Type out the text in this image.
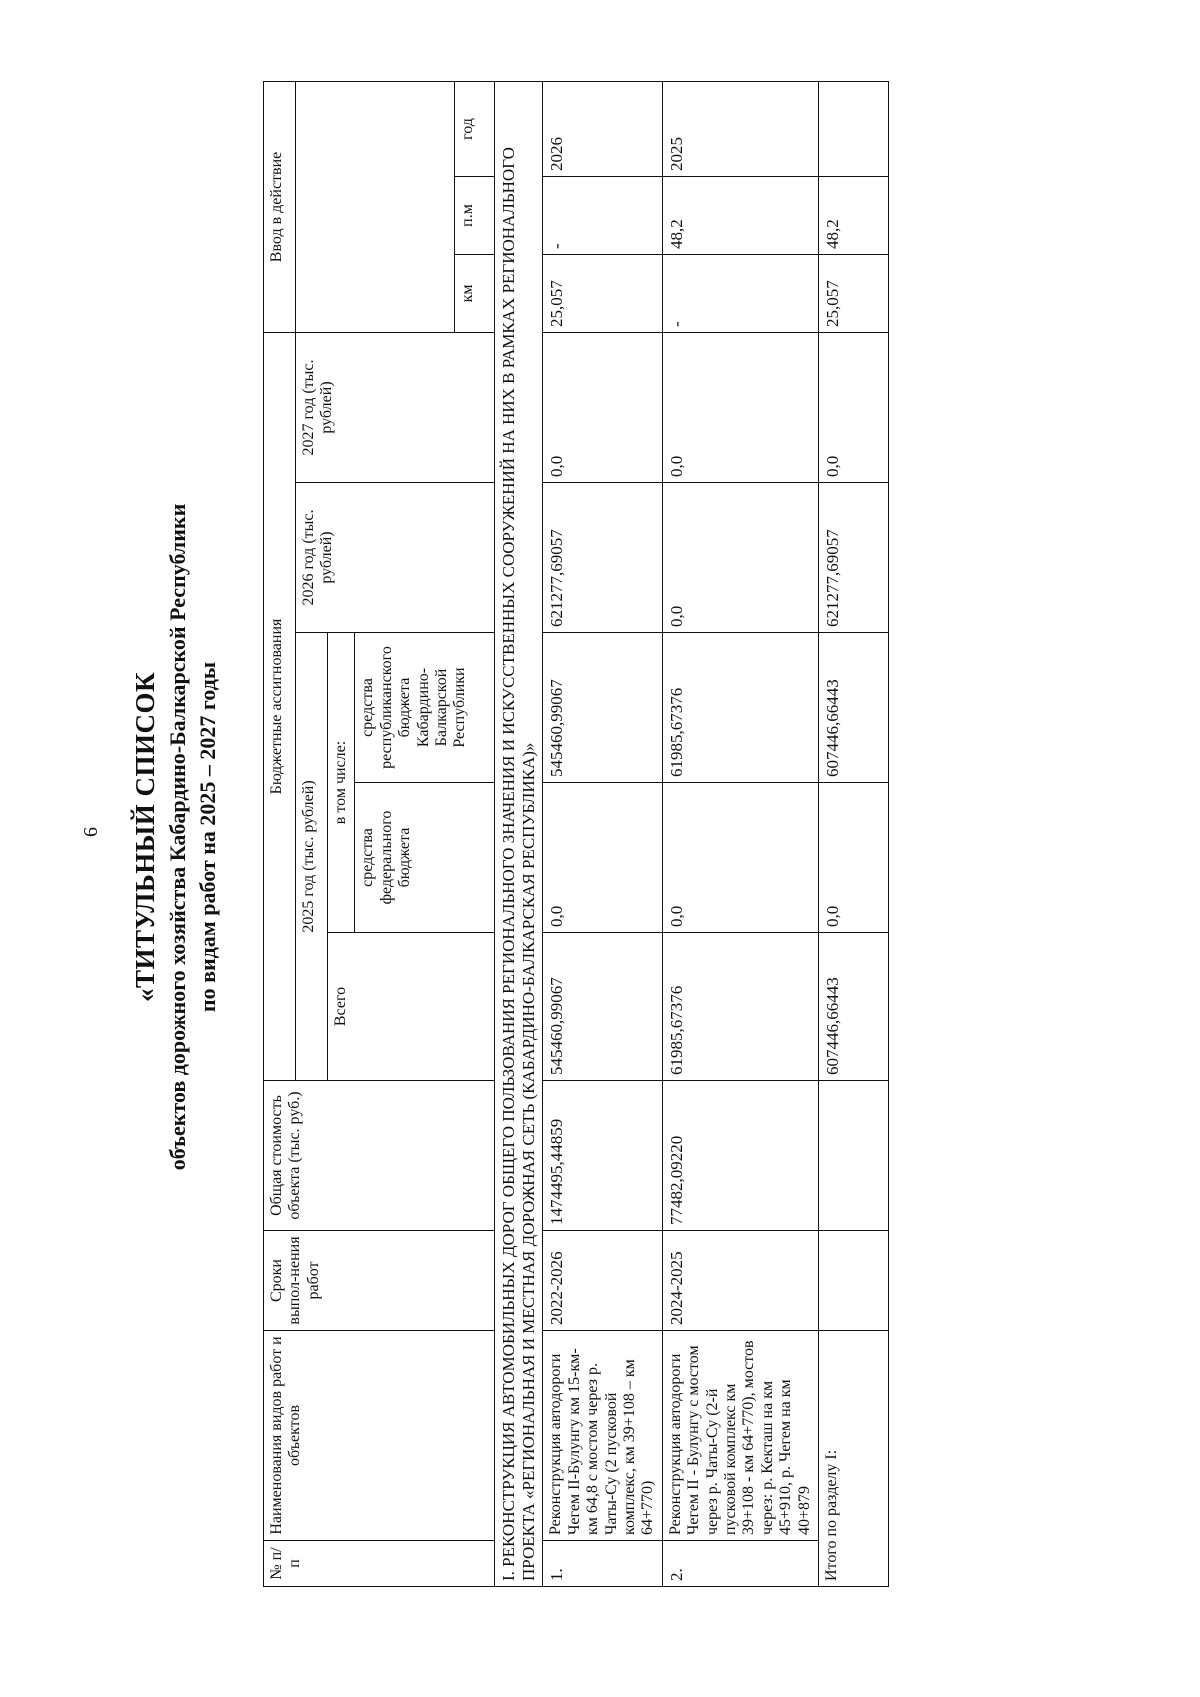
6 «ТИТУЛЬНЫЙ СПИСОК объектов дорожного хозяйства Кабардино-Балкарской Республики по видам работ на 2025 – 2027 годы
№ п/п	Наименования видов работ и объектов	Сроки выпол-нения работ	Общая стоимость объекта (тыс. руб.)	Бюджетные ассигнования					Ввод в действие		
				2025 год (тыс. рублей)			2026 год (тыс. рублей)	2027 год (тыс. рублей)			
				Всего	в том числе:						
					средства федерального бюджета	средства республиканского бюджета Кабардино-Балкарской Республики					
									км	п.м	год
I. РЕКОНСТРУКЦИЯ АВТОМОБИЛЬНЫХ ДОРОГ ОБЩЕГО ПОЛЬЗОВАНИЯ РЕГИОНАЛЬНОГО ЗНАЧЕНИЯ И ИСКУССТВЕННЫХ СООРУЖЕНИЙ НА НИХ В РАМКАХ РЕГИОНАЛЬНОГО ПРОЕКТА «РЕГИОНАЛЬНАЯ И МЕСТНАЯ ДОРОЖНАЯ СЕТЬ (КАБАРДИНО-БАЛКАРСКАЯ РЕСПУБЛИКА)»											
1.	Реконструкция автодороги Чегем II-Булунгу км 15-км-км 64,8 с мостом через р. Чаты-Су (2 пусковой комплекс, км 39+108 – км 64+770)	2022-2026	1474495,44859	545460,99067	0,0	545460,99067	621277,69057	0,0	25,057	-	2026
2.	Реконструкция автодороги Чегем II - Булунгу с мостом через р. Чаты-Су (2-й пусковой комплекс км 39+108 - км 64+770), мостов через: р. Кекташ на км 45+910, р. Чегем на км 40+879	2024-2025	77482,09220	61985,67376	0,0	61985,67376	0,0	0,0	-	48,2	2025
Итого по разделу I:				607446,66443	0,0	607446,66443	621277,69057	0,0	25,057	48,2	
